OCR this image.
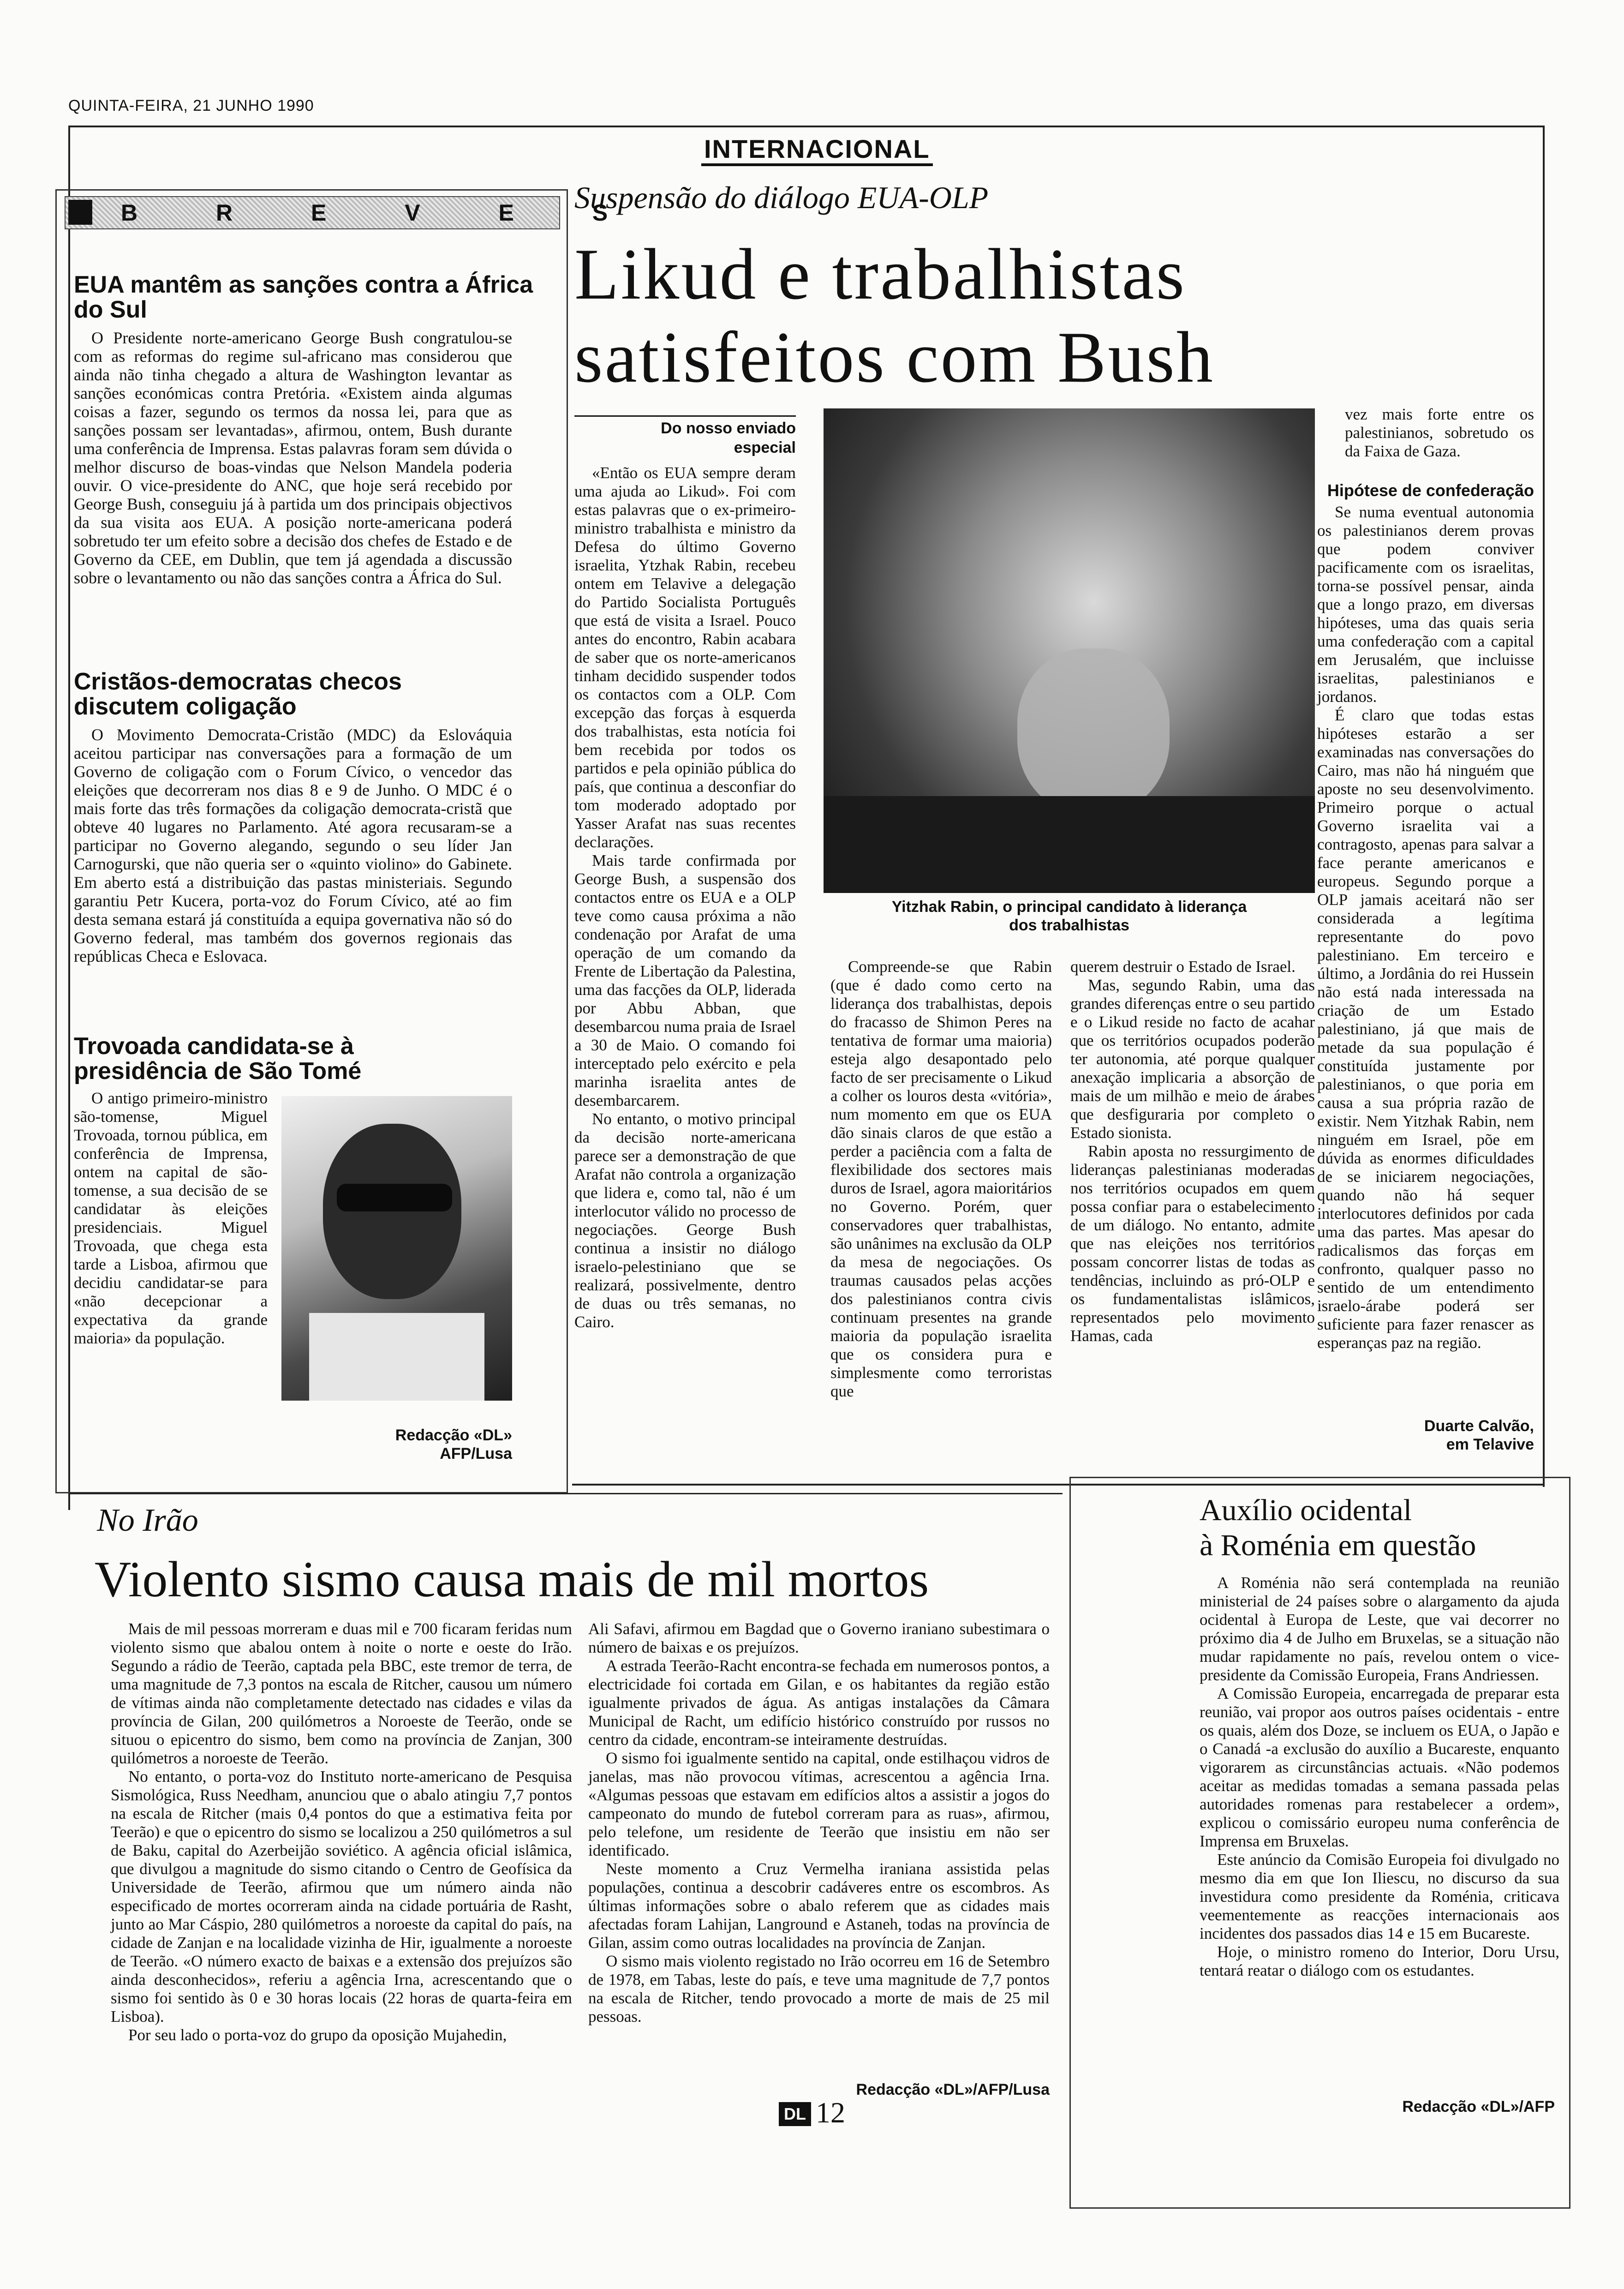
QUINTA-FEIRA, 21 JUNHO 1990
INTERNACIONAL
B R E V E S
EUA mantêm as sanções contra a África do Sul

O Presidente norte-americano George Bush congratulou-se com as reformas do regime sul-africano mas considerou que ainda não tinha chegado a altura de Washington levantar as sanções económicas contra Pretória. «Existem ainda algumas coisas a fazer, segundo os termos da nossa lei, para que as sanções possam ser levantadas», afirmou, ontem, Bush durante uma conferência de Imprensa. Estas palavras foram sem dúvida o melhor discurso de boas-vindas que Nelson Mandela poderia ouvir. O vice-presidente do ANC, que hoje será recebido por George Bush, conseguiu já à partida um dos principais objectivos da sua visita aos EUA. A posição norte-americana poderá sobretudo ter um efeito sobre a decisão dos chefes de Estado e de Governo da CEE, em Dublin, que tem já agendada a discussão sobre o levantamento ou não das sanções contra a África do Sul.

Cristãos-democratas checos discutem coligação

O Movimento Democrata-Cristão (MDC) da Eslováquia aceitou participar nas conversações para a formação de um Governo de coligação com o Forum Cívico, o vencedor das eleições que decorreram nos dias 8 e 9 de Junho. O MDC é o mais forte das três formações da coligação democrata-cristã que obteve 40 lugares no Parlamento. Até agora recusaram-se a participar no Governo alegando, segundo o seu líder Jan Carnogurski, que não queria ser o «quinto violino» do Gabinete. Em aberto está a distribuição das pastas ministeriais. Segundo garantiu Petr Kucera, porta-voz do Forum Cívico, até ao fim desta semana estará já constituída a equipa governativa não só do Governo federal, mas também dos governos regionais das repúblicas Checa e Eslovaca.

Trovoada candidata-se à presidência de São Tomé

O antigo primeiro-ministro são-tomense, Miguel Trovoada, tornou pública, em conferência de Imprensa, ontem na capital de são-tomense, a sua decisão de se candidatar às eleições presidenciais. Miguel Trovoada, que chega esta tarde a Lisboa, afirmou que decidiu candidatar-se para «não decepcionar a expectativa da grande maioria» da população.

Redacção «DL»
AFP/Lusa
Suspensão do diálogo EUA-OLP
Likud e trabalhistas
satisfeitos com Bush
Do nosso enviado
especial

«Então os EUA sempre deram uma ajuda ao Likud». Foi com estas palavras que o ex-primeiro-ministro trabalhista e ministro da Defesa do último Governo israelita, Ytzhak Rabin, recebeu ontem em Telavive a delegação do Partido Socialista Português que está de visita a Israel. Pouco antes do encontro, Rabin acabara de saber que os norte-americanos tinham decidido suspender todos os contactos com a OLP. Com excepção das forças à esquerda dos trabalhistas, esta notícia foi bem recebida por todos os partidos e pela opinião pública do país, que continua a desconfiar do tom moderado adoptado por Yasser Arafat nas suas recentes declarações.

Mais tarde confirmada por George Bush, a suspensão dos contactos entre os EUA e a OLP teve como causa próxima a não condenação por Arafat de uma operação de um comando da Frente de Libertação da Palestina, uma das facções da OLP, liderada por Abbu Abban, que desembarcou numa praia de Israel a 30 de Maio. O comando foi interceptado pelo exército e pela marinha israelita antes de desembarcarem.

No entanto, o motivo principal da decisão norte-americana parece ser a demonstração de que Arafat não controla a organização que lidera e, como tal, não é um interlocutor válido no processo de negociações. George Bush continua a insistir no diálogo israelo-pelestiniano que se realizará, possivelmente, dentro de duas ou três semanas, no Cairo.

Yitzhak Rabin, o principal candidato à liderança
dos trabalhistas

Compreende-se que Rabin (que é dado como certo na liderança dos trabalhistas, depois do fracasso de Shimon Peres na tentativa de formar uma maioria) esteja algo desapontado pelo facto de ser precisamente o Likud a colher os louros desta «vitória», num momento em que os EUA dão sinais claros de que estão a perder a paciência com a falta de flexibilidade dos sectores mais duros de Israel, agora maioritários no Governo. Porém, quer conservadores quer trabalhistas, são unânimes na exclusão da OLP da mesa de negociações. Os traumas causados pelas acções dos palestinianos contra civis continuam presentes na grande maioria da população israelita que os considera pura e simplesmente como terroristas que

querem destruir o Estado de Israel.

Mas, segundo Rabin, uma das grandes diferenças entre o seu partido e o Likud reside no facto de acahar que os territórios ocupados poderão ter autonomia, até porque qualquer anexação implicaria a absorção de mais de um milhão e meio de árabes que desfiguraria por completo o Estado sionista.

Rabin aposta no ressurgimento de lideranças palestinianas moderadas nos territórios ocupados em quem possa confiar para o estabelecimento de um diálogo. No entanto, admite que nas eleições nos territórios possam concorrer listas de todas as tendências, incluindo as pró-OLP e os fundamentalistas islâmicos, representados pelo movimento Hamas, cada

vez mais forte entre os palestinianos, sobretudo os da Faixa de Gaza.

Hipótese de confederação

Se numa eventual autonomia os palestinianos derem provas que podem conviver pacificamente com os israelitas, torna-se possível pensar, ainda que a longo prazo, em diversas hipóteses, uma das quais seria uma confederação com a capital em Jerusalém, que incluisse israelitas, palestinianos e jordanos.

É claro que todas estas hipóteses estarão a ser examinadas nas conversações do Cairo, mas não há ninguém que aposte no seu desenvolvimento. Primeiro porque o actual Governo israelita vai a contragosto, apenas para salvar a face perante americanos e europeus. Segundo porque a OLP jamais aceitará não ser considerada a legítima representante do povo palestiniano. Em terceiro e último, a Jordânia do rei Hussein não está nada interessada na criação de um Estado palestiniano, já que mais de metade da sua população é constituída justamente por palestinianos, o que poria em causa a sua própria razão de existir. Nem Yitzhak Rabin, nem ninguém em Israel, põe em dúvida as enormes dificuldades de se iniciarem negociações, quando não há sequer interlocutores definidos por cada uma das partes. Mas apesar do radicalismos das forças em confronto, qualquer passo no sentido de um entendimento israelo-árabe poderá ser suficiente para fazer renascer as esperanças paz na região.

Duarte Calvão,
em Telavive
No Irão
Violento sismo causa mais de mil mortos

Mais de mil pessoas morreram e duas mil e 700 ficaram feridas num violento sismo que abalou ontem à noite o norte e oeste do Irão. Segundo a rádio de Teerão, captada pela BBC, este tremor de terra, de uma magnitude de 7,3 pontos na escala de Ritcher, causou um número de vítimas ainda não completamente detectado nas cidades e vilas da província de Gilan, 200 quilómetros a Noroeste de Teerão, onde se situou o epicentro do sismo, bem como na província de Zanjan, 300 quilómetros a noroeste de Teerão.

No entanto, o porta-voz do Instituto norte-americano de Pesquisa Sismológica, Russ Needham, anunciou que o abalo atingiu 7,7 pontos na escala de Ritcher (mais 0,4 pontos do que a estimativa feita por Teerão) e que o epicentro do sismo se localizou a 250 quilómetros a sul de Baku, capital do Azerbeijão soviético. A agência oficial islâmica, que divulgou a magnitude do sismo citando o Centro de Geofísica da Universidade de Teerão, afirmou que um número ainda não especificado de mortes ocorreram ainda na cidade portuária de Rasht, junto ao Mar Cáspio, 280 quilómetros a noroeste da capital do país, na cidade de Zanjan e na localidade vizinha de Hir, igualmente a noroeste de Teerão. «O número exacto de baixas e a extensão dos prejuízos são ainda desconhecidos», referiu a agência Irna, acrescentando que o sismo foi sentido às 0 e 30 horas locais (22 horas de quarta-feira em Lisboa).

Por seu lado o porta-voz do grupo da oposição Mujahedin,

Ali Safavi, afirmou em Bagdad que o Governo iraniano subestimara o número de baixas e os prejuízos.

A estrada Teerão-Racht encontra-se fechada em numerosos pontos, a electricidade foi cortada em Gilan, e os habitantes da região estão igualmente privados de água. As antigas instalações da Câmara Municipal de Racht, um edifício histórico construído por russos no centro da cidade, encontram-se inteiramente destruídas.

O sismo foi igualmente sentido na capital, onde estilhaçou vidros de janelas, mas não provocou vítimas, acrescentou a agência Irna. «Algumas pessoas que estavam em edifícios altos a assistir a jogos do campeonato do mundo de futebol correram para as ruas», afirmou, pelo telefone, um residente de Teerão que insistiu em não ser identificado.

Neste momento a Cruz Vermelha iraniana assistida pelas populações, continua a descobrir cadáveres entre os escombros. As últimas informações sobre o abalo referem que as cidades mais afectadas foram Lahijan, Langround e Astaneh, todas na província de Gilan, assim como outras localidades na província de Zanjan.

O sismo mais violento registado no Irão ocorreu em 16 de Setembro de 1978, em Tabas, leste do país, e teve uma magnitude de 7,7 pontos na escala de Ritcher, tendo provocado a morte de mais de 25 mil pessoas.

Redacção «DL»/AFP/Lusa
Auxílio ocidental
à Roménia em questão

A Roménia não será contemplada na reunião ministerial de 24 países sobre o alargamento da ajuda ocidental à Europa de Leste, que vai decorrer no próximo dia 4 de Julho em Bruxelas, se a situação não mudar rapidamente no país, revelou ontem o vice-presidente da Comissão Europeia, Frans Andriessen.

A Comissão Europeia, encarregada de preparar esta reunião, vai propor aos outros países ocidentais - entre os quais, além dos Doze, se incluem os EUA, o Japão e o Canadá -a exclusão do auxílio a Bucareste, enquanto vigorarem as circunstâncias actuais. «Não podemos aceitar as medidas tomadas a semana passada pelas autoridades romenas para restabelecer a ordem», explicou o comissário europeu numa conferência de Imprensa em Bruxelas.

Este anúncio da Comisão Europeia foi divulgado no mesmo dia em que Ion Iliescu, no discurso da sua investidura como presidente da Roménia, criticava veementemente as reacções internacionais aos incidentes dos passados dias 14 e 15 em Bucareste.

Hoje, o ministro romeno do Interior, Doru Ursu, tentará reatar o diálogo com os estudantes.

Redacção «DL»/AFP
DL 12
